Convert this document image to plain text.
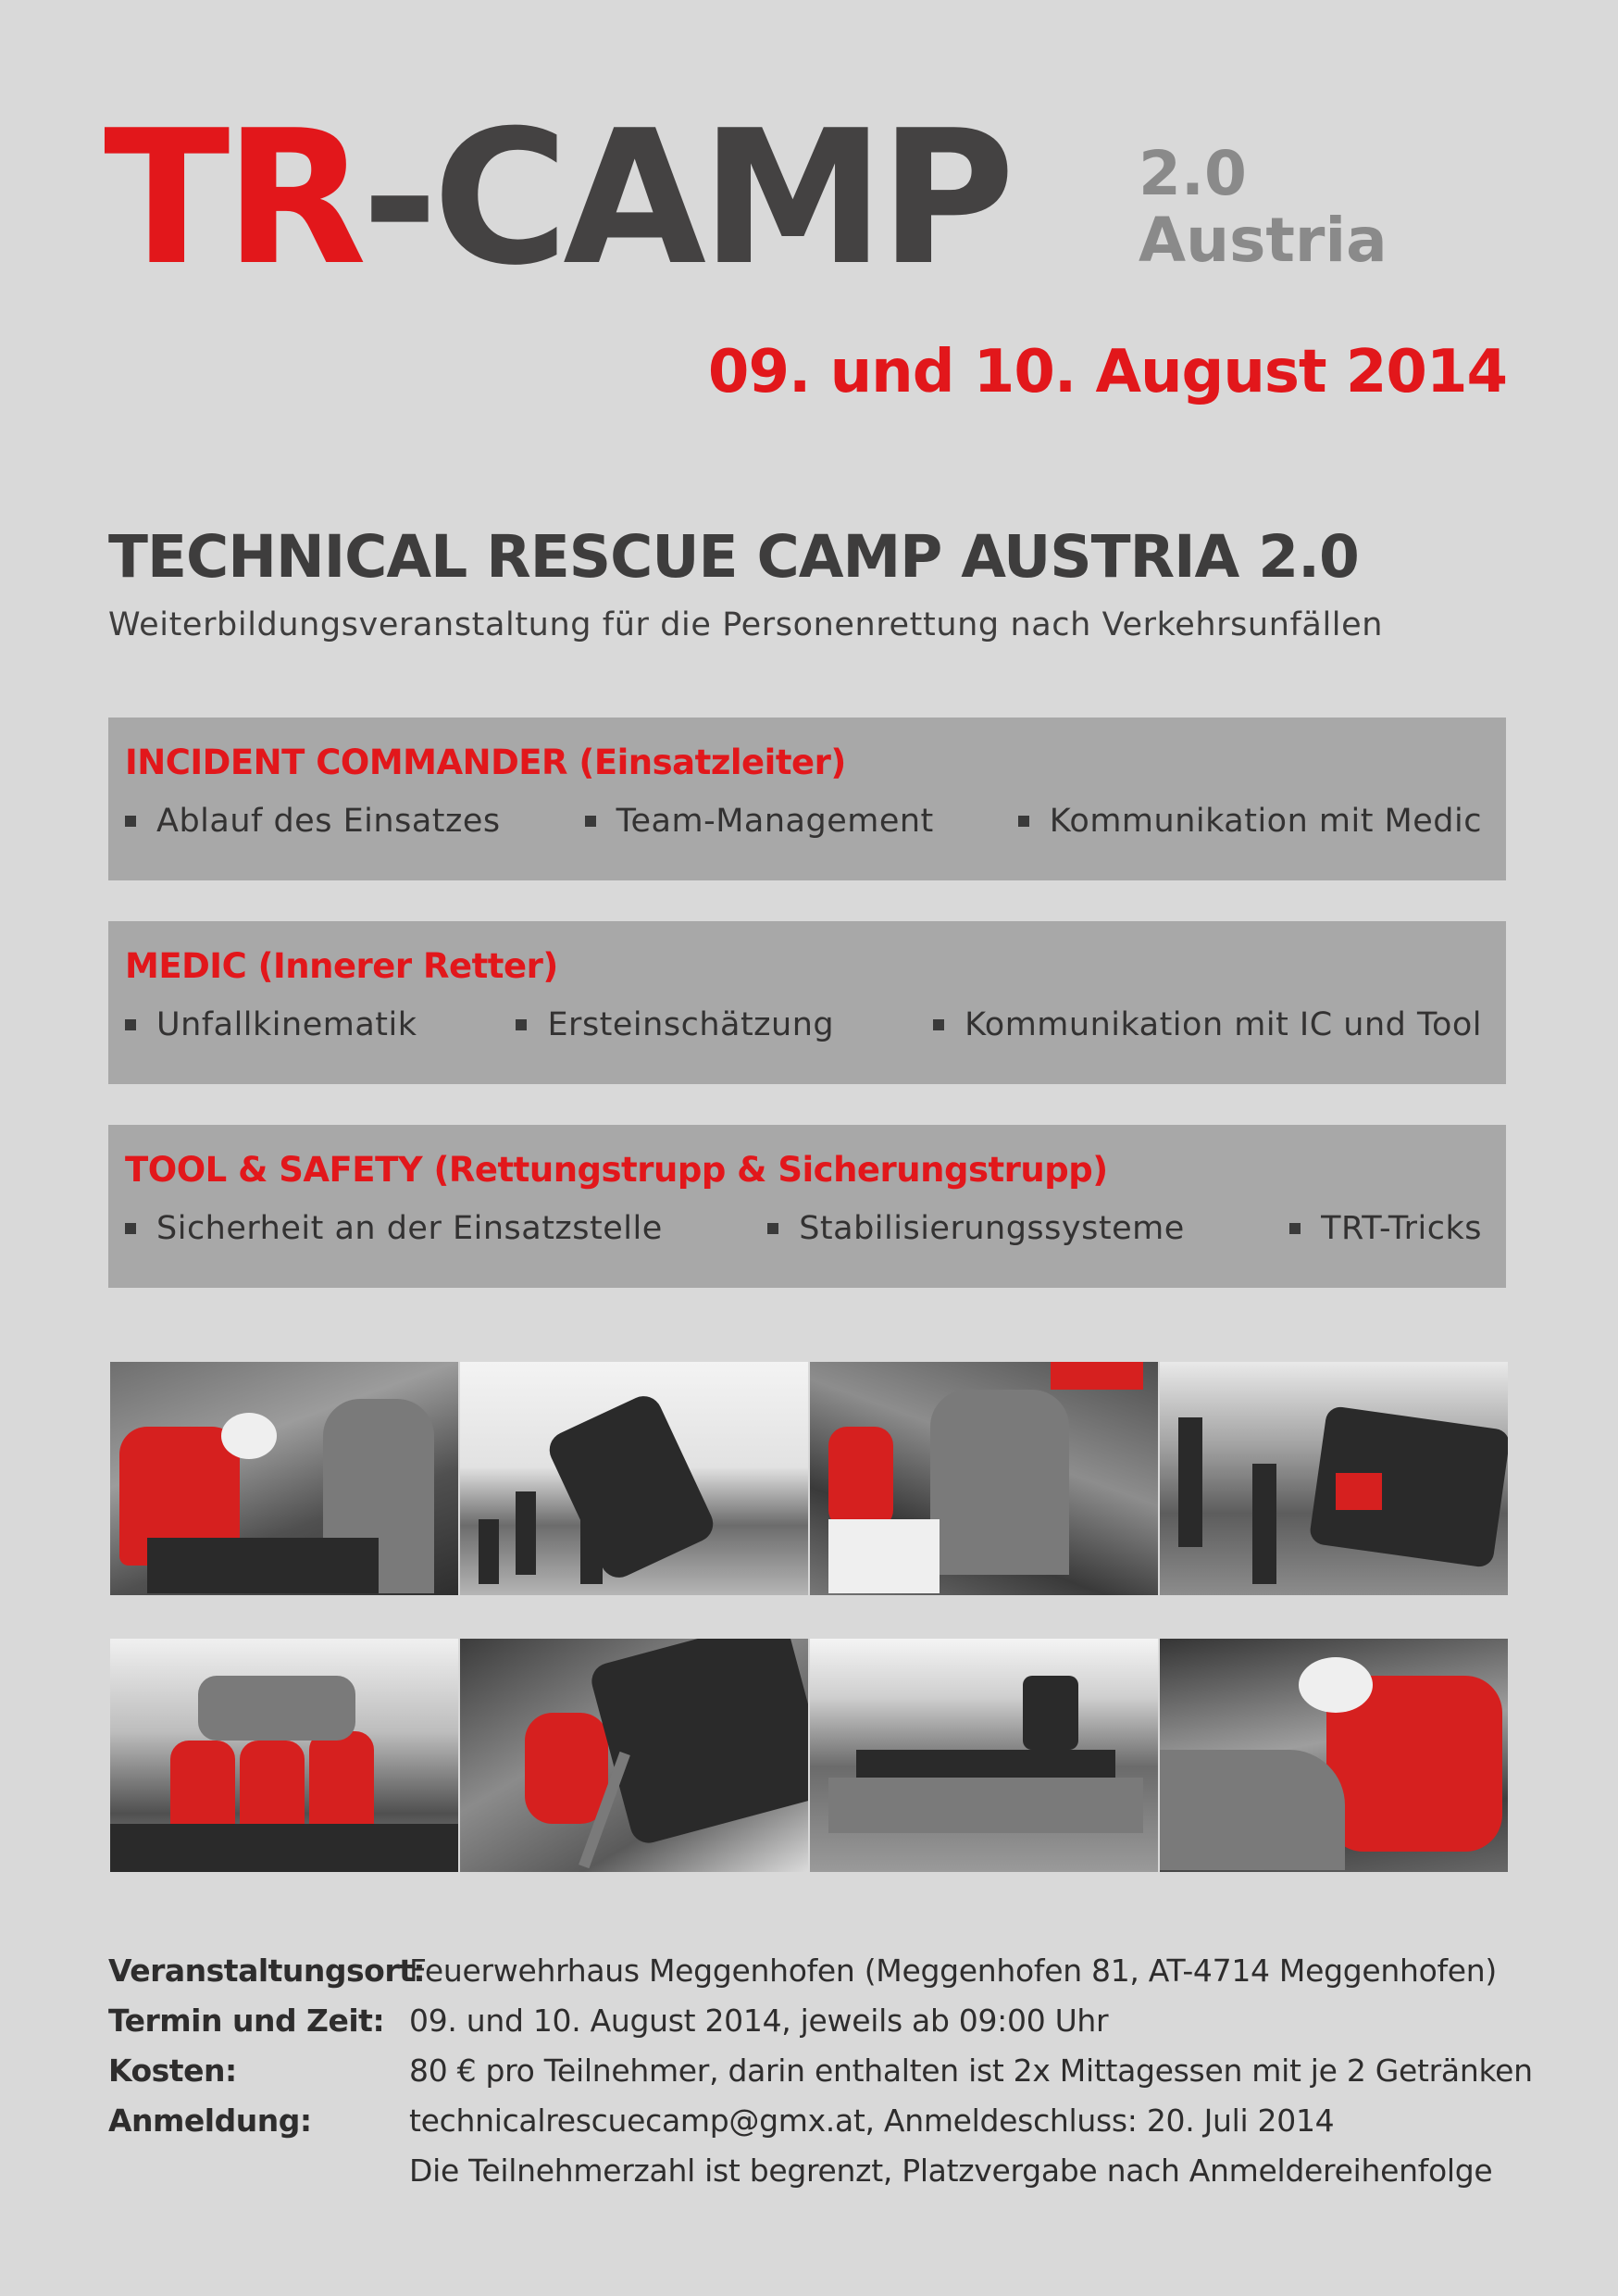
TR-CAMP 2.0
Austria
09. und 10. August 2014
TECHNICAL RESCUE CAMP AUSTRIA 2.0
Weiterbildungsveranstaltung für die Personenrettung nach Verkehrsunfällen
INCIDENT COMMANDER (Einsatzleiter)
Ablauf des Einsatzes	Team-Management	Kommunikation mit Medic
MEDIC (Innerer Retter)
Unfallkinematik	Ersteinschätzung	Kommunikation mit IC und Tool
TOOL & SAFETY (Rettungstrupp & Sicherungstrupp)
Sicherheit an der Einsatzstelle	Stabilisierungssysteme	TRT-Tricks
Veranstaltungsort:
Feuerwehrhaus Meggenhofen (Meggenhofen 81, AT-4714 Meggenhofen)
Termin und Zeit: 09. und 10. August 2014, jeweils ab 09:00 Uhr
Kosten:	80 € pro Teilnehmer, darin enthalten ist 2x Mittagessen mit je 2 Getränken
Anmeldung:	technicalrescuecamp@gmx.at, Anmeldeschluss: 20. Juli 2014
Die Teilnehmerzahl ist begrenzt, Platzvergabe nach Anmeldereihenfolge
